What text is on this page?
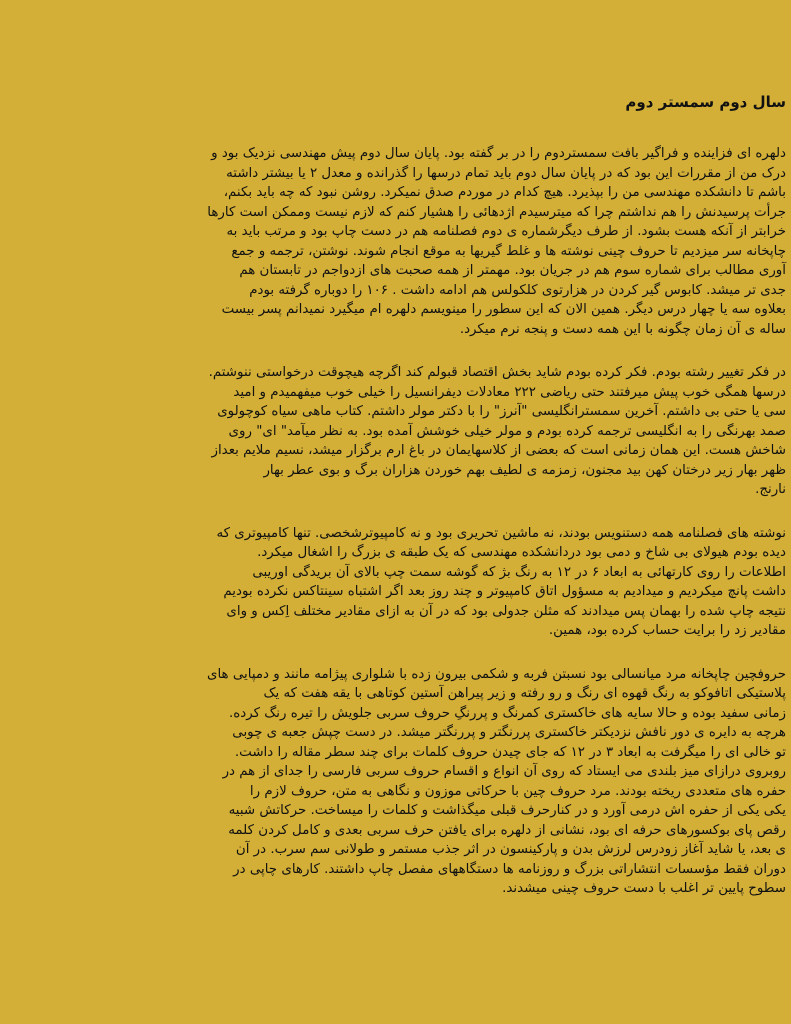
سال دوم سمستر دوم
دلهره ای فزاینده و فراگیر بافت سمستردوم را در بر گفته بود. پایان سال دوم پیش مهندسی نزدیک بود و
درک من از مقررات این بود که در پایان سال دوم باید تمام درسها را گذرانده و معدل ۲ یا بیشتر داشته
باشم تا دانشکده مهندسی من را بپذیرد. هیچ کدام در موردم صدق نمیکرد. روشن نبود که چه باید بکنم،
جرأت پرسیدنش را هم نداشتم چرا که میترسیدم اژدهائی را هشیار کنم که لازم نیست وممکن است کارها
خرابتر از آنکه هست بشود. از طرف دیگرشماره ی دوم فصلنامه هم در دست چاپ بود و مرتب باید به
چاپخانه سر میزدیم تا حروف چینی نوشته ها و غلط گیریها به موقع انجام شوند. نوشتن، ترجمه و جمع
آوری مطالب برای شماره سوم هم در جریان بود. مهمتر از همه صحبت های ازدواجم در تابستان هم
جدی تر میشد. کابوس گیر کردن در هزارتوی کلکولس هم ادامه داشت . ۱۰۶ را دوباره گرفته بودم
بعلاوه سه یا چهار درس دیگر. همین الان که این سطور را مینویسم دلهره ام میگیرد نمیدانم پسر بیست
ساله ی آن زمان چگونه با این همه دست و پنجه نرم میکرد.
در فکر تغییر رشته بودم. فکر کرده بودم شاید بخش اقتصاد قبولم کند اگرچه هیچوقت درخواستی ننوشتم.
درسها همگی خوب پیش میرفتند حتی ریاضی ۲۲۲ معادلات دیفرانسیل را خیلی خوب میفهمیدم و امید
سی یا حتی بی داشتم. آخرین سمسترانگلیسی "آنرز" را با دکتر مولر داشتم. کتاب ماهی سیاه کوچولوی
صمد بهرنگی را به انگلیسی ترجمه کرده بودم و مولر خیلی خوشش آمده بود. به نظر میآمد" ای" روی
شاخش هست. این همان زمانی است که بعضی از کلاسهایمان در باغ ارم برگزار میشد، نسیم ملایم بعداز
ظهر بهار زیر درختان کهن بید مجنون، زمزمه ی لطیف بهم خوردن هزاران برگ و بوی عطر بهار
نارنج.
نوشته های فصلنامه همه دستنویس بودند، نه ماشین تحریری بود و نه کامپیوترشخصی. تنها کامپیوتری که
دیده بودم هیولای بی شاخ و دمی بود دردانشکده مهندسی که یک طبقه ی بزرگ را اشغال میکرد.
اطلاعات را روی کارتهائی به ابعاد ۶ در ۱۲ به رنگ بژ که گوشه سمت چپ بالای آن بریدگی اوریبی
داشت پانچ میکردیم و میدادیم به مسؤول اتاق کامپیوتر و چند روز بعد اگر اشتباه سینتاکس نکرده بودیم
نتیجه چاپ شده را بهمان پس میدادند که مثلن جدولی بود که در آن به ازای مقادیر مختلف اِکس و وای
مقادیر زد را برایت حساب کرده بود، همین.
حروفچین چاپخانه مرد میانسالی بود نسبتن فربه و شکمی بیرون زده با شلواری پیژامه مانند و دمپایی های
پلاستیکی اتافوکو به رنگ قهوه ای رنگ و رو رفته و زیر پیراهن آستین کوتاهی با یقه هفت که یک
زمانی سفید بوده و حالا سایه های خاکستری کمرنگ و پررنگِ حروف سربی جلویش را تیره رنگ کرده.
هرچه به دایره ی دور نافش نزدیکتر خاکستری پررنگتر و پررنگتر میشد. در دست چپش جعبه ی چوبی
تو خالی ای را میگرفت به ابعاد ۳ در ۱۲ که جای چیدن حروف کلمات برای چند سطر مقاله را داشت.
روبروی درازای میز بلندی می ایستاد که روی آن انواع و اقسام حروف سربی فارسی را جدای از هم در
حفره های متعددی ریخته بودند. مرد حروف چین با حرکاتی موزون و نگاهی به متن، حروف لازم را
یکی یکی از حفره اش درمی آورد و در کنارحرف قبلی میگذاشت و کلمات را میساخت. حرکاتش شبیه
رقص پای بوکسورهای حرفه ای بود، نشانی از دلهره برای یافتن حرف سربی بعدی و کامل کردن کلمه
ی بعد، یا شاید آغاز زودرس لرزش بدن و پارکینسون در اثر جذب مستمر و طولانی سم سرب. در آن
دوران فقط مؤسسات انتشاراتی بزرگ و روزنامه ها دستگاههای مفصل چاپ داشتند. کارهای چاپی در
سطوح پایین تر اغلب با دست حروف چینی میشدند.
